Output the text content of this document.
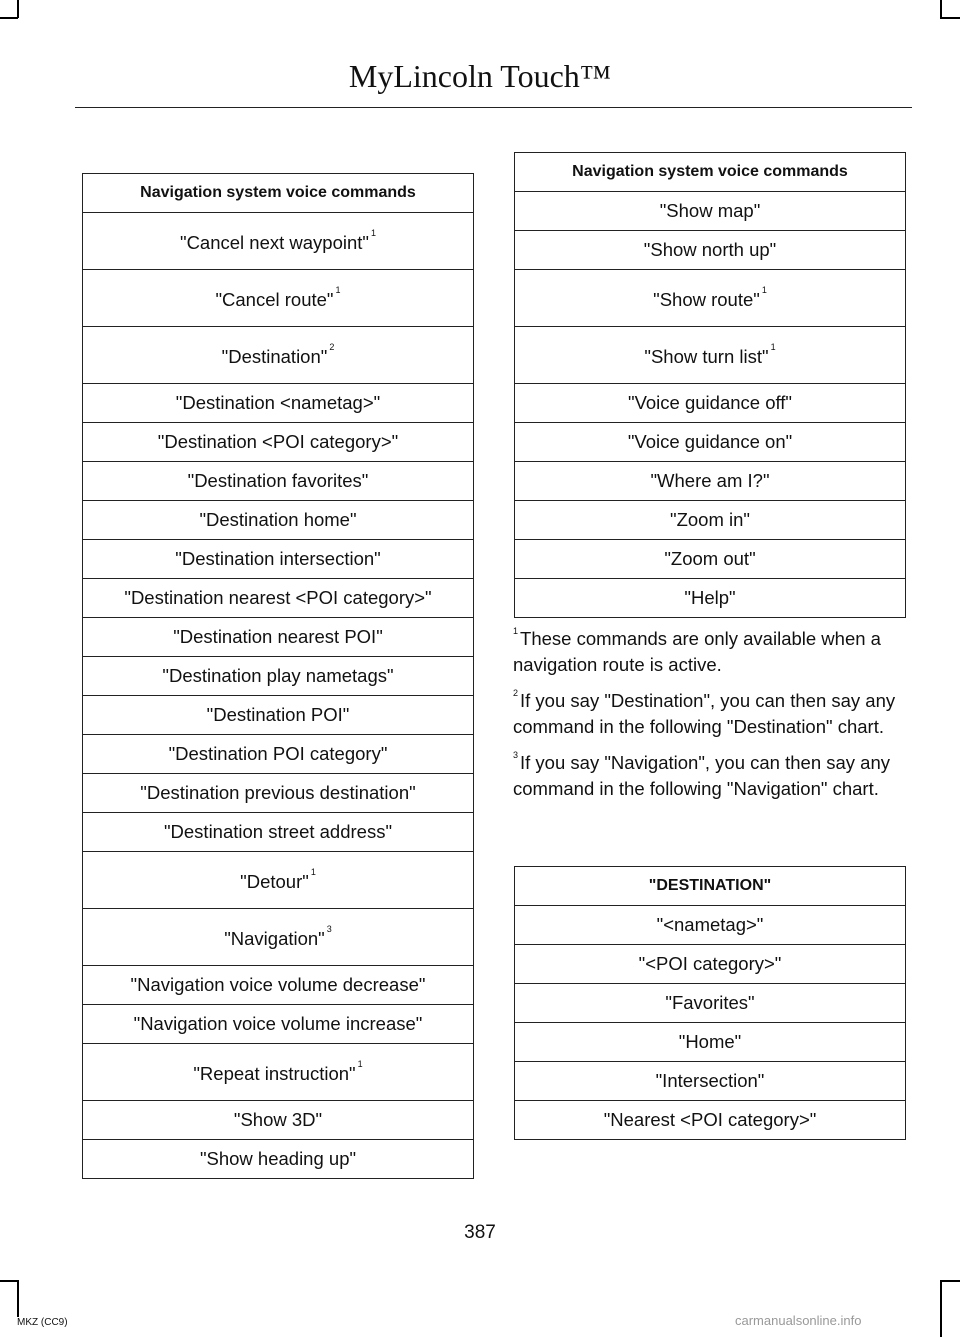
MyLincoln Touch™
Navigation system voice commands
"Cancel next waypoint" $^1$
"Cancel route" $^1$
"Destination" $^2$
"Destination <nametag>"
"Destination <POI category>"
"Destination favorites"
"Destination home"
"Destination intersection"
"Destination nearest <POI category>"
"Destination nearest POI"
"Destination play nametags"
"Destination POI"
"Destination POI category"
"Destination previous destination"
"Destination street address"
"Detour" $^1$
"Navigation" $^3$
"Navigation voice volume decrease"
"Navigation voice volume increase"
"Repeat instruction" $^1$
"Show 3D"
"Show heading up"
Navigation system voice commands
"Show map"
"Show north up"
"Show route" $^1$
"Show turn list" $^1$
"Voice guidance off"
"Voice guidance on"
"Where am I?"
"Zoom in"
"Zoom out"
"Help"

$^1$ These commands are only available when a navigation route is active.

$^2$ If you say "Destination", you can then say any command in the following "Destination" chart.

$^3$ If you say "Navigation", you can then say any command in the following "Navigation" chart.

"DESTINATION"
"<nametag>"
"<POI category>"
"Favorites"
"Home"
"Intersection"
"Nearest <POI category>"
387
MKZ (CC9)	carmanualsonline.info
